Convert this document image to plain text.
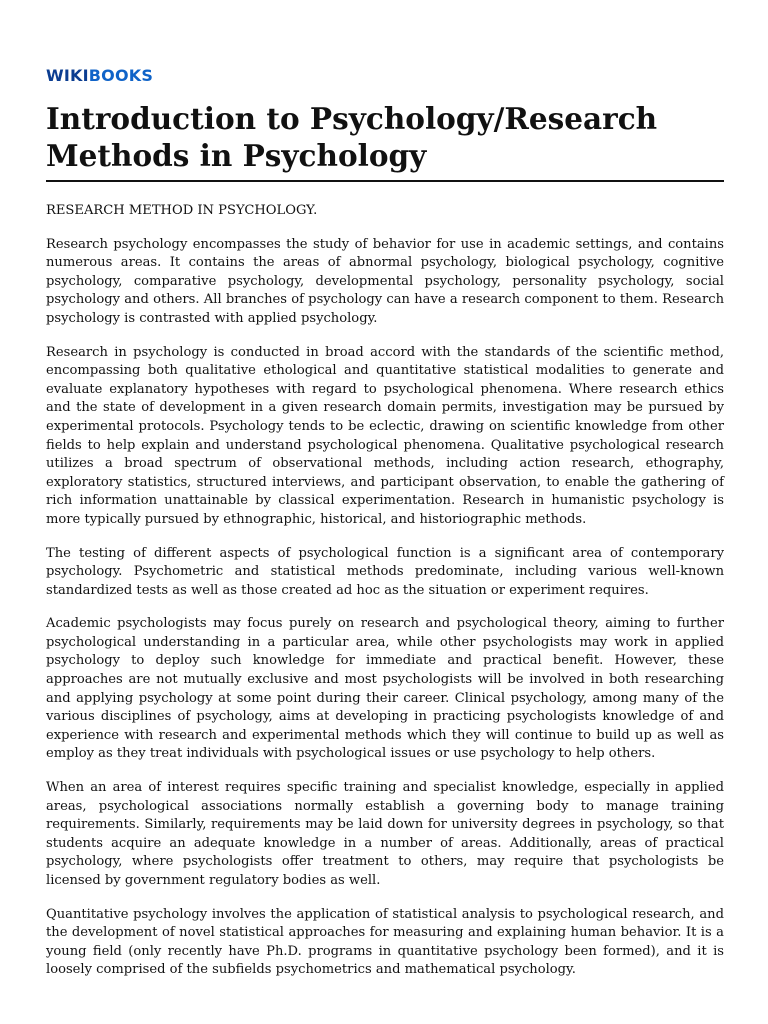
WIKIBOOKS
Introduction to Psychology/Research Methods in Psychology

RESEARCH METHOD IN PSYCHOLOGY.

Research psychology encompasses the study of behavior for use in academic settings, and contains numerous areas. It contains the areas of abnormal psychology, biological psychology, cognitive psychology, comparative psychology, developmental psychology, personality psychology, social psychology and others. All branches of psychology can have a research component to them. Research psychology is contrasted with applied psychology.

Research in psychology is conducted in broad accord with the standards of the scientific method, encompassing both qualitative ethological and quantitative statistical modalities to generate and evaluate explanatory hypotheses with regard to psychological phenomena. Where research ethics and the state of development in a given research domain permits, investigation may be pursued by experimental protocols. Psychology tends to be eclectic, drawing on scientific knowledge from other fields to help explain and understand psychological phenomena. Qualitative psychological research utilizes a broad spectrum of observational methods, including action research, ethography, exploratory statistics, structured interviews, and participant observation, to enable the gathering of rich information unattainable by classical experimentation. Research in humanistic psychology is more typically pursued by ethnographic, historical, and historiographic methods.

The testing of different aspects of psychological function is a significant area of contemporary psychology. Psychometric and statistical methods predominate, including various well-known standardized tests as well as those created ad hoc as the situation or experiment requires.

Academic psychologists may focus purely on research and psychological theory, aiming to further psychological understanding in a particular area, while other psychologists may work in applied psychology to deploy such knowledge for immediate and practical benefit. However, these approaches are not mutually exclusive and most psychologists will be involved in both researching and applying psychology at some point during their career. Clinical psychology, among many of the various disciplines of psychology, aims at developing in practicing psychologists knowledge of and experience with research and experimental methods which they will continue to build up as well as employ as they treat individuals with psychological issues or use psychology to help others.

When an area of interest requires specific training and specialist knowledge, especially in applied areas, psychological associations normally establish a governing body to manage training requirements. Similarly, requirements may be laid down for university degrees in psychology, so that students acquire an adequate knowledge in a number of areas. Additionally, areas of practical psychology, where psychologists offer treatment to others, may require that psychologists be licensed by government regulatory bodies as well.

Quantitative psychology involves the application of statistical analysis to psychological research, and the development of novel statistical approaches for measuring and explaining human behavior. It is a young field (only recently have Ph.D. programs in quantitative psychology been formed), and it is loosely comprised of the subfields psychometrics and mathematical psychology.
